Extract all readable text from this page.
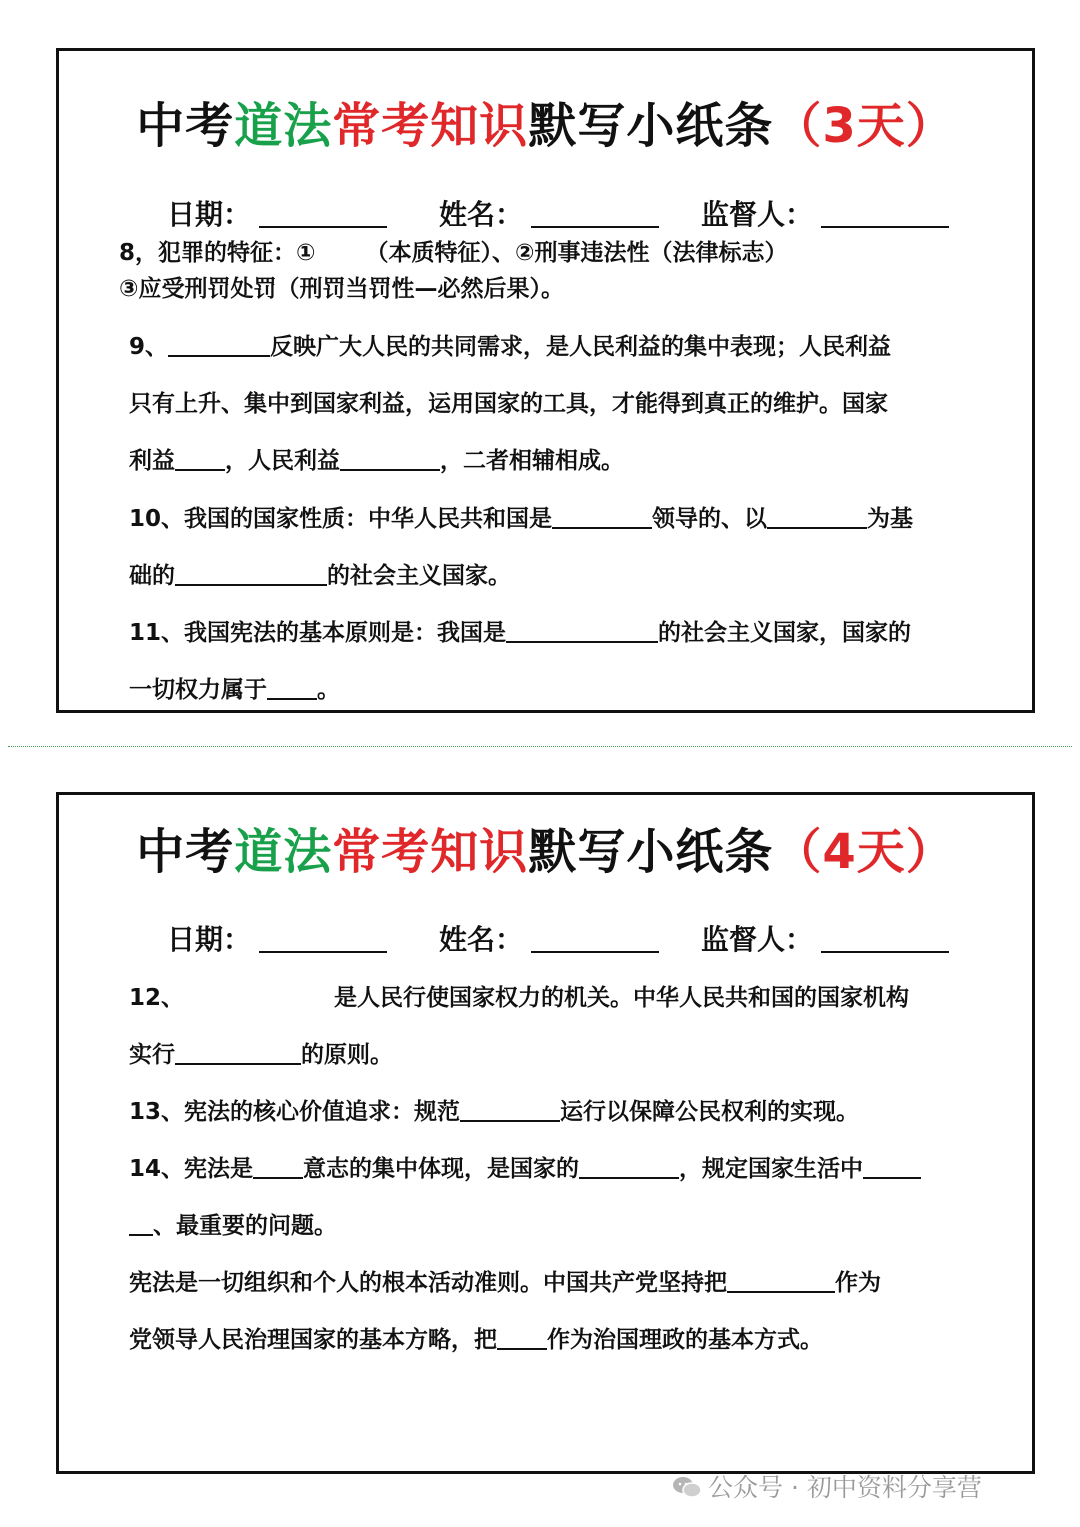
中考道法常考知识默写小纸条（3天）
日期：	姓名：	监督人：
8，犯罪的特征：① （本质特征）、②刑事违法性（法律标志）
③应受刑罚处罚（刑罚当罚性—必然后果）。
9、	反映广大人民的共同需求，是人民利益的集中表现；人民利益
只有上升、集中到国家利益，运用国家的工具，才能得到真正的维护。国家
利益 ，人民利益	，二者相辅相成。
10、我国的国家性质：中华人民共和国是	领导的、以	为基
础的	的社会主义国家。
11、我国宪法的基本原则是：我国是	的社会主义国家，国家的
一切权力属于 。
中考道法常考知识默写小纸条（4天）
日期：	姓名：	监督人：
12、	是人民行使国家权力的机关。中华人民共和国的国家机构
实行	的原则。
13、宪法的核心价值追求：规范	运行以保障公民权利的实现。
14、宪法是 意志的集中体现，是国家的	，规定国家生活中
、最重要的问题。
宪法是一切组织和个人的根本活动准则。中国共产党坚持把	作为
党领导人民治理国家的基本方略，把 作为治国理政的基本方式。
公众号 · 初中资料分享营
